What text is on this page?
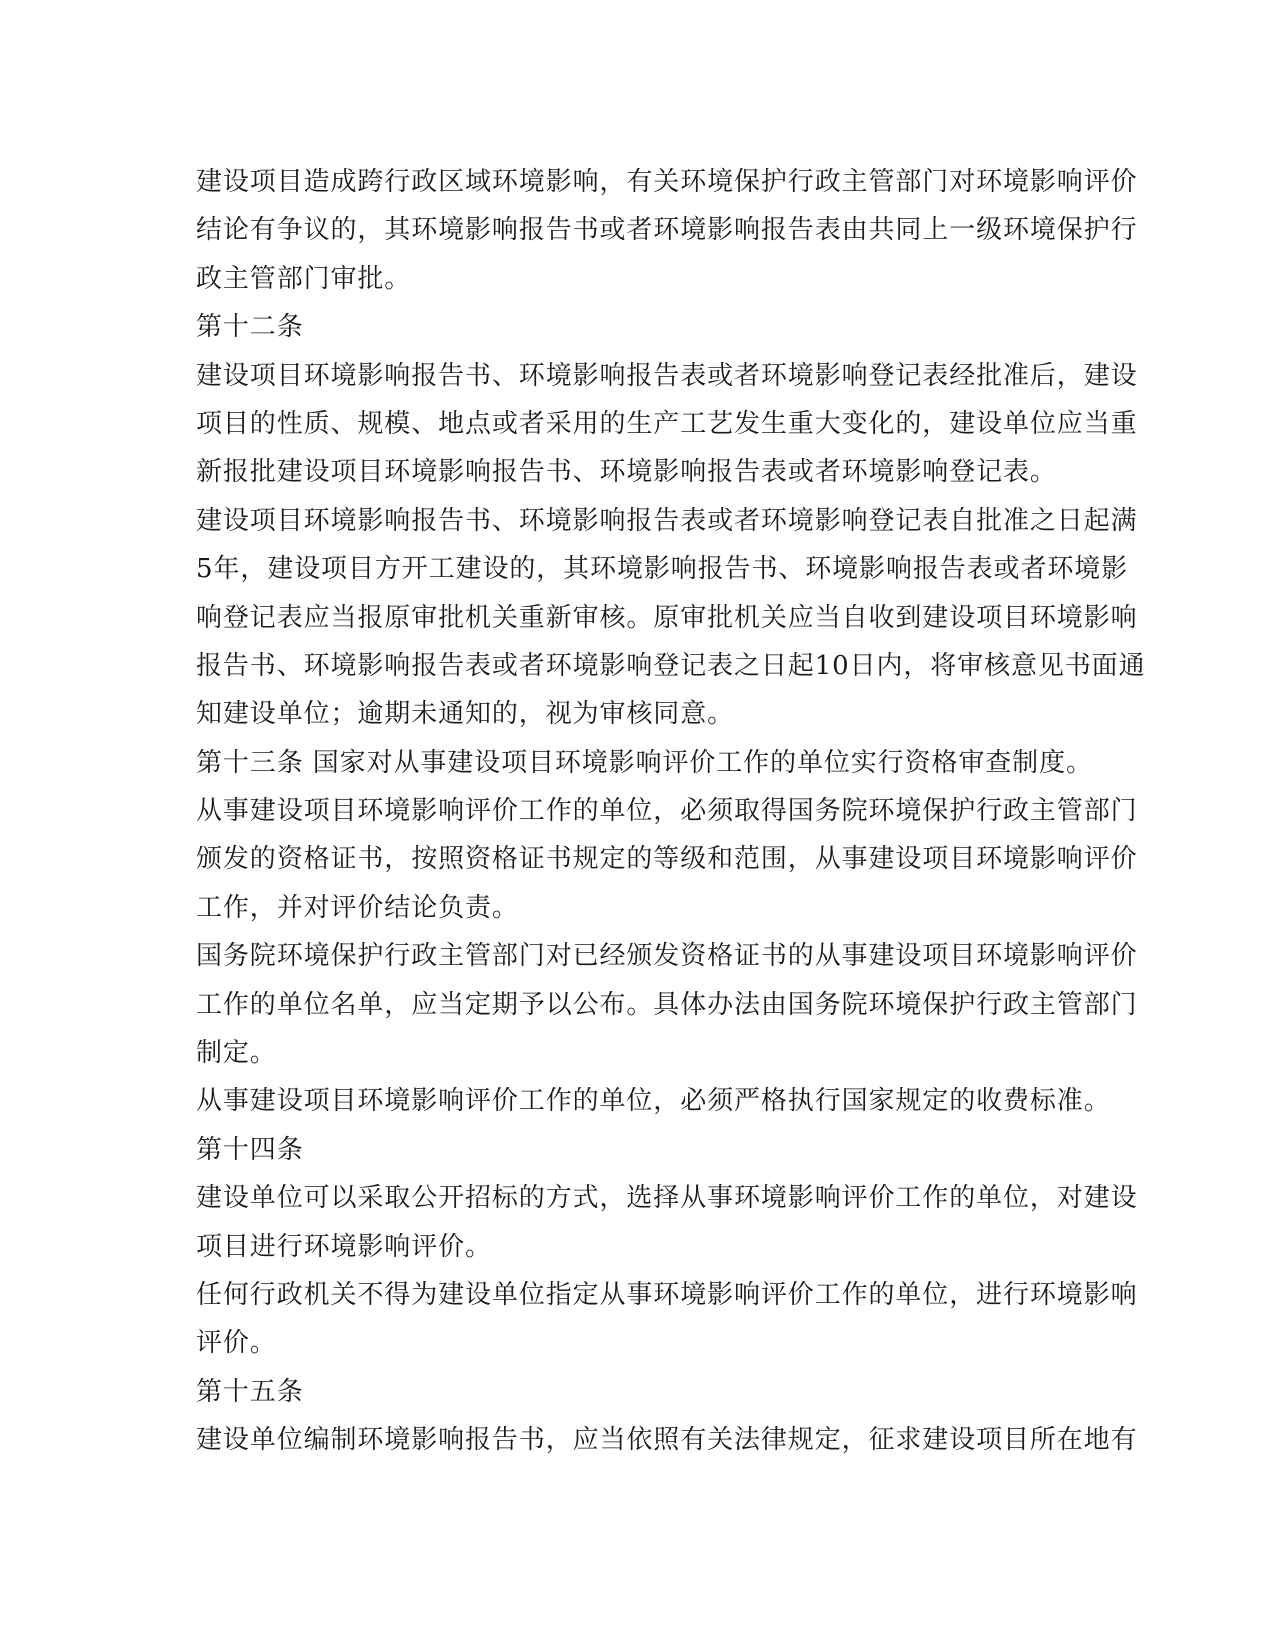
建设项目造成跨行政区域环境影响，有关环境保护行政主管部门对环境影响评价
结论有争议的，其环境影响报告书或者环境影响报告表由共同上一级环境保护行
政主管部门审批。
第十二条
建设项目环境影响报告书、环境影响报告表或者环境影响登记表经批准后，建设
项目的性质、规模、地点或者采用的生产工艺发生重大变化的，建设单位应当重
新报批建设项目环境影响报告书、环境影响报告表或者环境影响登记表。
建设项目环境影响报告书、环境影响报告表或者环境影响登记表自批准之日起满
5年，建设项目方开工建设的，其环境影响报告书、环境影响报告表或者环境影
响登记表应当报原审批机关重新审核。原审批机关应当自收到建设项目环境影响
报告书、环境影响报告表或者环境影响登记表之日起10日内，将审核意见书面通
知建设单位；逾期未通知的，视为审核同意。
第十三条 国家对从事建设项目环境影响评价工作的单位实行资格审查制度。
从事建设项目环境影响评价工作的单位，必须取得国务院环境保护行政主管部门
颁发的资格证书，按照资格证书规定的等级和范围，从事建设项目环境影响评价
工作，并对评价结论负责。
国务院环境保护行政主管部门对已经颁发资格证书的从事建设项目环境影响评价
工作的单位名单，应当定期予以公布。具体办法由国务院环境保护行政主管部门
制定。
从事建设项目环境影响评价工作的单位，必须严格执行国家规定的收费标准。
第十四条
建设单位可以采取公开招标的方式，选择从事环境影响评价工作的单位，对建设
项目进行环境影响评价。
任何行政机关不得为建设单位指定从事环境影响评价工作的单位，进行环境影响
评价。
第十五条
建设单位编制环境影响报告书，应当依照有关法律规定，征求建设项目所在地有
